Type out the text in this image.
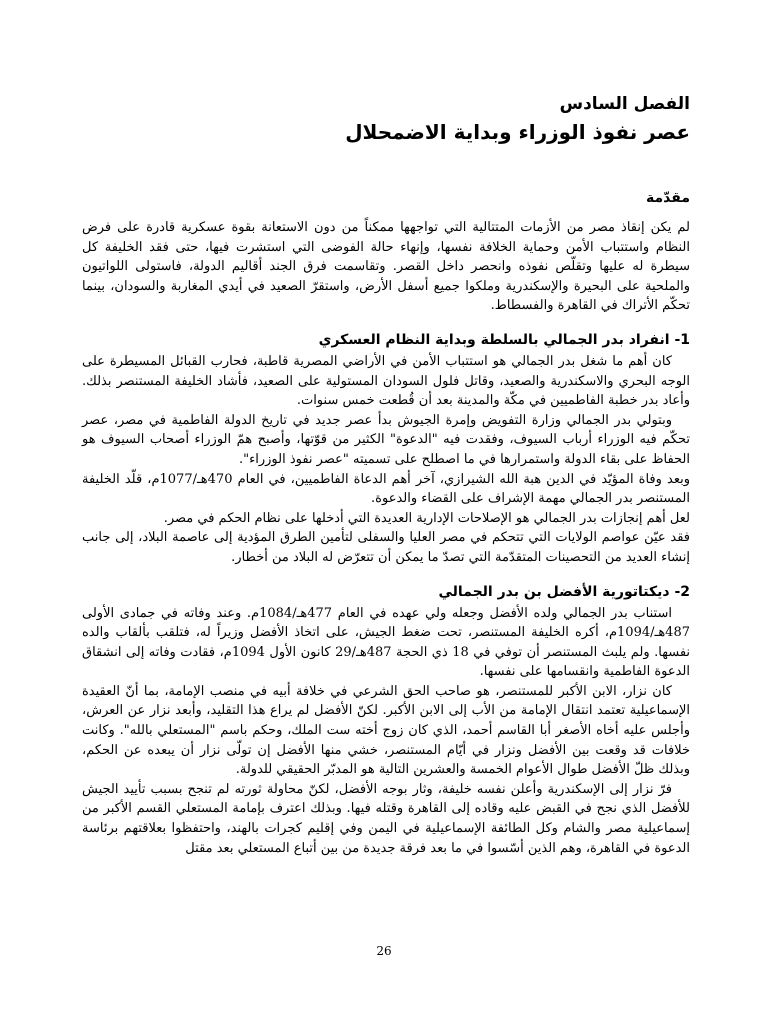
الفصل السادس
عصر نفوذ الوزراء وبداية الاضمحلال
مقدّمة

لم يكن إنقاذ مصر من الأزمات المتتالية التي تواجهها ممكناً من دون الاستعانة بقوة عسكرية قادرة على فرض النظام واستتباب الأمن وحماية الخلافة نفسها، وإنهاء حالة الفوضى التي استشرت فيها، حتى فقد الخليفة كل سيطرة له عليها وتقلّص نفوذه وانحصر داخل القصر. وتقاسمت فرق الجند أقاليم الدولة، فاستولى اللواتيون والملحية على البحيرة والإسكندرية وملكوا جميع أسفل الأرض، واستقرّ الصعيد في أيدي المغاربة والسودان، بينما تحكّم الأتراك في القاهرة والفسطاط.

1- انفراد بدر الجمالي بالسلطة وبداية النظام العسكري

كان أهم ما شغل بدر الجمالي هو استتباب الأمن في الأراضي المصرية قاطبة، فحارب القبائل المسيطرة على الوجه البحري والاسكندرية والصعيد، وقاتل فلول السودان المستولية على الصعيد، فأشاد الخليفة المستنصر بذلك. وأعاد بدر خطبة الفاطميين في مكّة والمدينة بعد أن قُطعت خمس سنوات.

وبتولي بدر الجمالي وزارة التفويض وإمرة الجيوش بدأ عصر جديد في تاريخ الدولة الفاطمية في مصر، عصر تحكّم فيه الوزراء أرباب السيوف، وفقدت فيه "الدعوة" الكثير من قوّتها، وأصبح همّ الوزراء أصحاب السيوف هو الحفاظ على بقاء الدولة واستمرارها في ما اصطلح على تسميته "عصر نفوذ الوزراء".

وبعد وفاة المؤيّد في الدين هبة الله الشيرازي، آخر أهم الدعاة الفاطميين، في العام 470هـ/1077م، قلّد الخليفة المستنصر بدر الجمالي مهمة الإشراف على القضاء والدعوة.

لعل أهم إنجازات بدر الجمالي هو الإصلاحات الإدارية العديدة التي أدخلها على نظام الحكم في مصر.

فقد عيّن عواصم الولايات التي تتحكم في مصر العليا والسفلى لتأمين الطرق المؤدية إلى عاصمة البلاد، إلى جانب إنشاء العديد من التحصينات المتقدّمة التي تصدّ ما يمكن أن تتعرّض له البلاد من أخطار.

2- ديكتاتورية الأفضل بن بدر الجمالي

استناب بدر الجمالي ولده الأفضل وجعله ولي عهده في العام 477هـ/1084م. وعند وفاته في جمادى الأولى 487هـ/1094م، أكره الخليفة المستنصر، تحت ضغط الجيش، على اتخاذ الأفضل وزيراً له، فتلقب بألقاب والده نفسها. ولم يلبث المستنصر أن توفي في 18 ذي الحجة 487هـ/29 كانون الأول 1094م، فقادت وفاته إلى انشقاق الدعوة الفاطمية وانقسامها على نفسها.

كان نزار، الابن الأكبر للمستنصر، هو صاحب الحق الشرعي في خلافة أبيه في منصب الإمامة، بما أنّ العقيدة الإسماعيلية تعتمد انتقال الإمامة من الأب إلى الابن الأكبر. لكنّ الأفضل لم يراع هذا التقليد، وأبعد نزار عن العرش، وأجلس عليه أخاه الأصغر أبا القاسم أحمد، الذي كان زوج أخته ست الملك، وحكم باسم "المستعلي بالله". وكانت خلافات قد وقعت بين الأفضل ونزار في أيّام المستنصر، خشي منها الأفضل إن تولّى نزار أن يبعده عن الحكم، وبذلك ظلّ الأفضل طوال الأعوام الخمسة والعشرين التالية هو المدبّر الحقيقي للدولة.

فرّ نزار إلى الإسكندرية وأعلن نفسه خليفة، وثار بوجه الأفضل، لكنّ محاولة ثورته لم تنجح بسبب تأييد الجيش للأفضل الذي نجح في القبض عليه وقاده إلى القاهرة وقتله فيها. وبذلك اعترف بإمامة المستعلي القسم الأكبر من إسماعيلية مصر والشام وكل الطائفة الإسماعيلية في اليمن وفي إقليم كجرات بالهند، واحتفظوا بعلاقتهم برئاسة الدعوة في القاهرة، وهم الذين أسّسوا في ما بعد فرقة جديدة من بين أتباع المستعلي بعد مقتل

26
